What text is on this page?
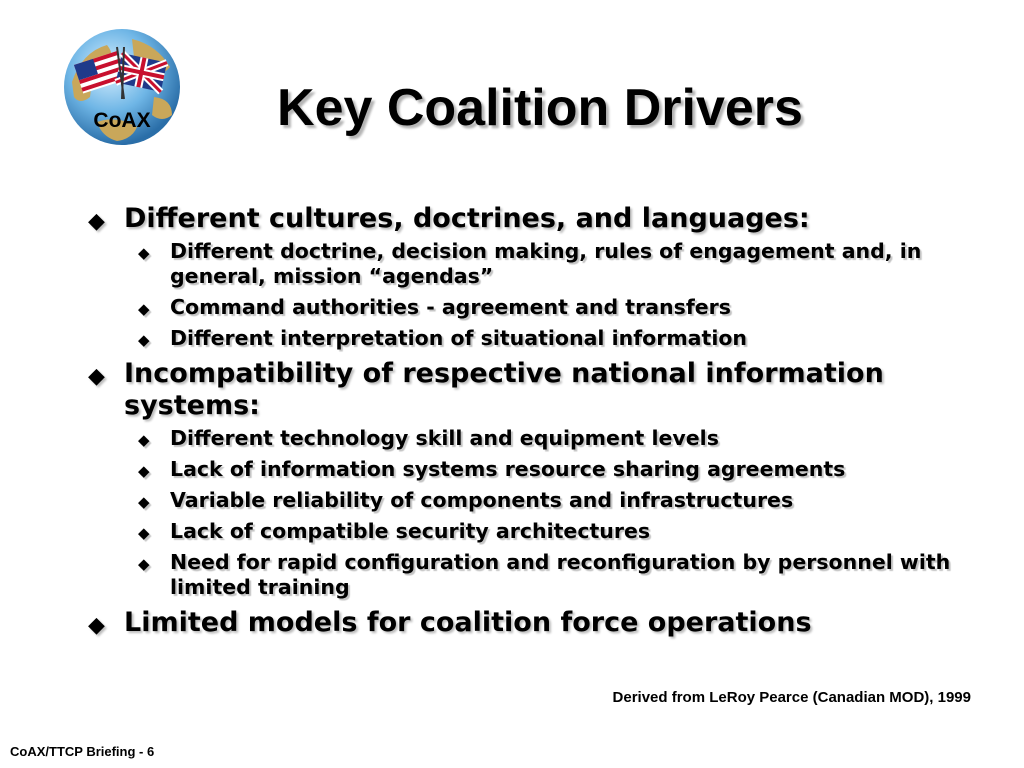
CoAX	Key Coalition Drivers
◆ Different cultures, doctrines, and languages:
◆ Different doctrine, decision making, rules of engagement and, in general, mission “agendas”
◆ Command authorities - agreement and transfers
◆ Different interpretation of situational information
◆ Incompatibility of respective national information systems:
◆ Different technology skill and equipment levels
◆ Lack of information systems resource sharing agreements
◆ Variable reliability of components and infrastructures
◆ Lack of compatible security architectures
◆ Need for rapid configuration and reconfiguration by personnel with limited training
◆ Limited models for coalition force operations
Derived from LeRoy Pearce (Canadian MOD), 1999
CoAX/TTCP Briefing - 6
